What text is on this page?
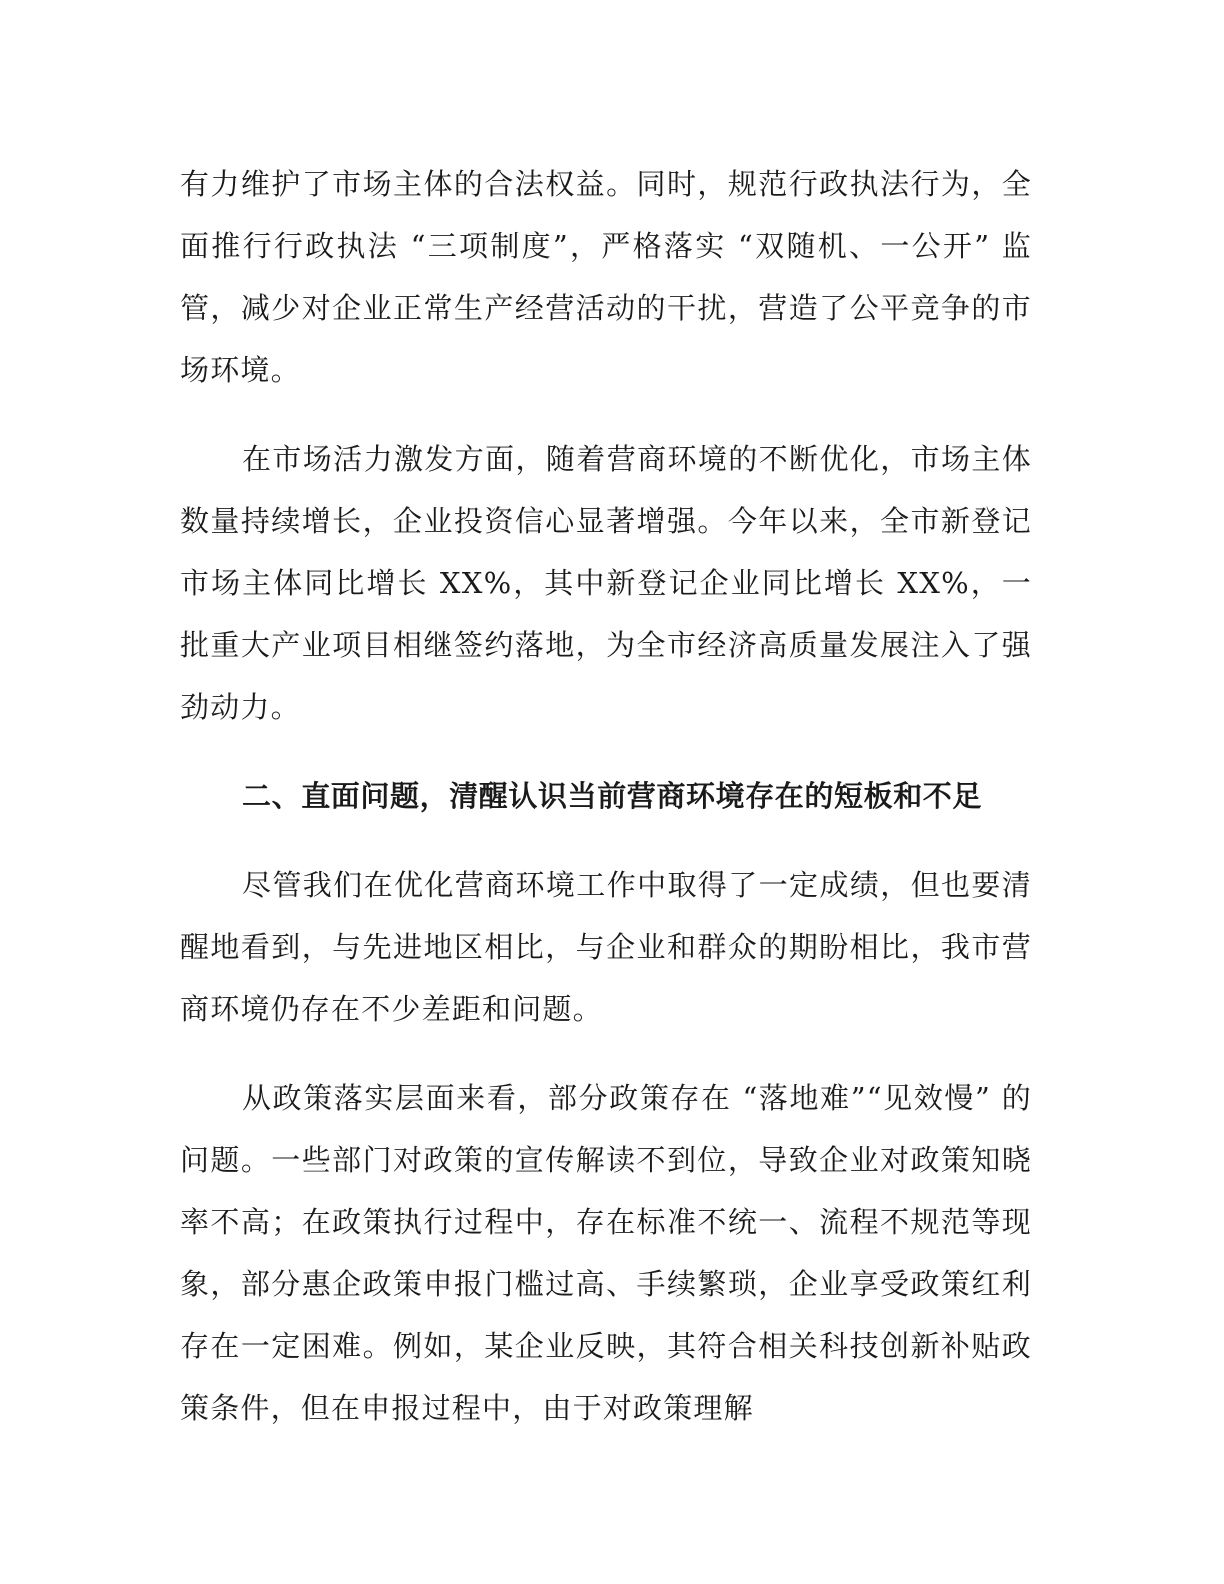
有力维护了市场主体的合法权益。同时，规范行政执法行为，全面推行行政执法 “三项制度”，严格落实 “双随机、一公开” 监管，减少对企业正常生产经营活动的干扰，营造了公平竞争的市场环境。

在市场活力激发方面，随着营商环境的不断优化，市场主体数量持续增长，企业投资信心显著增强。今年以来，全市新登记市场主体同比增长 XX%，其中新登记企业同比增长 XX%，一批重大产业项目相继签约落地，为全市经济高质量发展注入了强劲动力。

二、直面问题，清醒认识当前营商环境存在的短板和不足

尽管我们在优化营商环境工作中取得了一定成绩，但也要清醒地看到，与先进地区相比，与企业和群众的期盼相比，我市营商环境仍存在不少差距和问题。

从政策落实层面来看，部分政策存在 “落地难”“见效慢” 的问题。一些部门对政策的宣传解读不到位，导致企业对政策知晓率不高；在政策执行过程中，存在标准不统一、流程不规范等现象，部分惠企政策申报门槛过高、手续繁琐，企业享受政策红利存在一定困难。例如，某企业反映，其符合相关科技创新补贴政策条件，但在申报过程中，由于对政策理解
